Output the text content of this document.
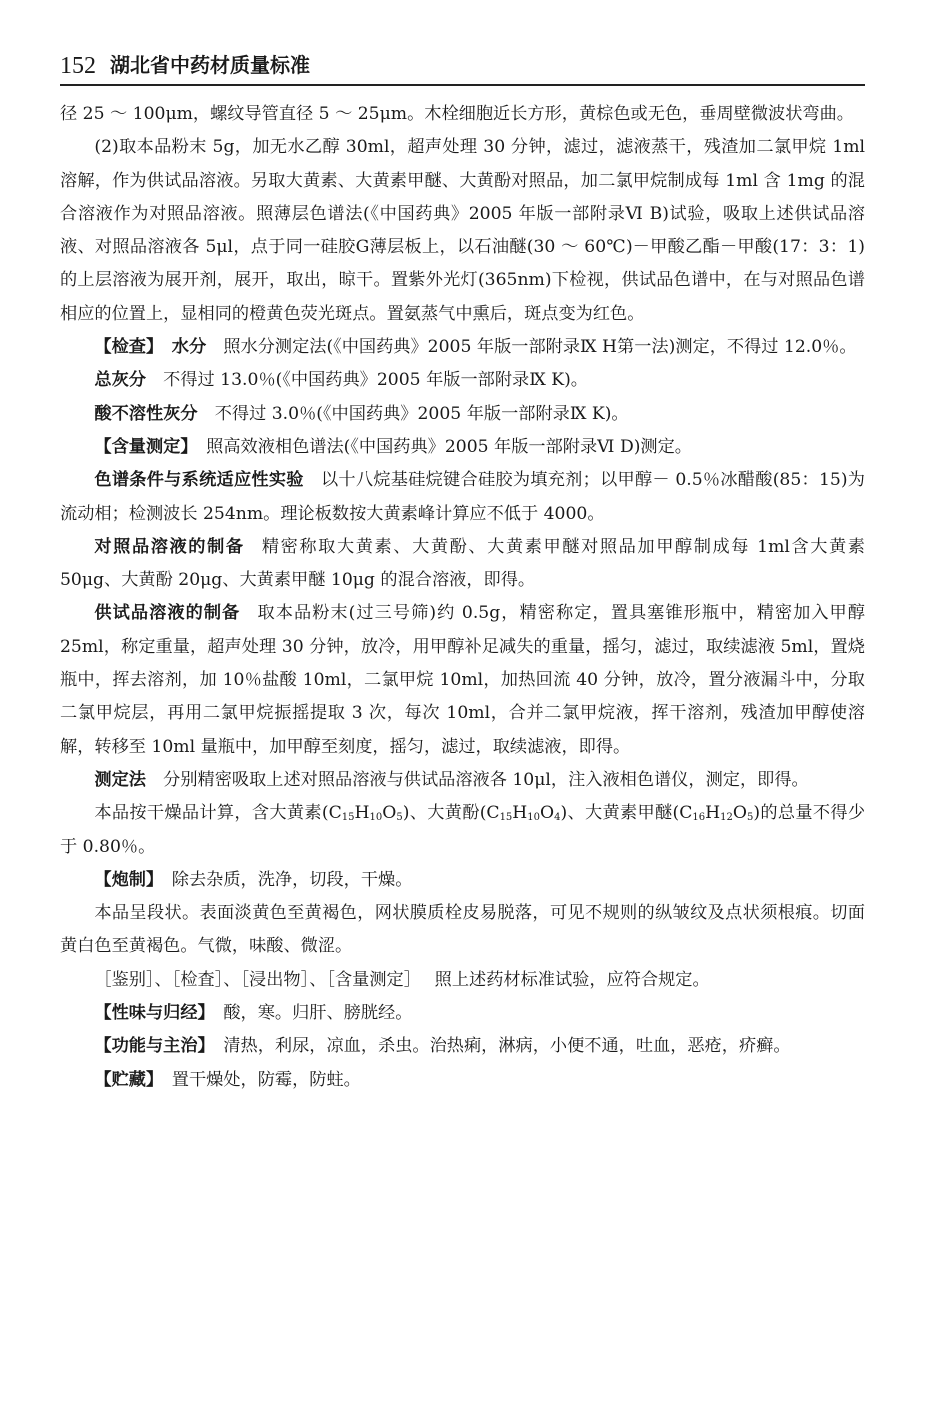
152 湖北省中药材质量标准

径 25 ～ 100μm，螺纹导管直径 5 ～ 25μm。木栓细胞近长方形，黄棕色或无色，垂周壁微波状弯曲。

(2)取本品粉末 5g，加无水乙醇 30ml，超声处理 30 分钟，滤过，滤液蒸干，残渣加二氯甲烷 1ml 溶解，作为供试品溶液。另取大黄素、大黄素甲醚、大黄酚对照品，加二氯甲烷制成每 1ml 含 1mg 的混合溶液作为对照品溶液。照薄层色谱法(《中国药典》2005 年版一部附录Ⅵ B)试验，吸取上述供试品溶液、对照品溶液各 5μl，点于同一硅胶G薄层板上，以石油醚(30 ～ 60℃)－甲酸乙酯－甲酸(17：3：1)的上层溶液为展开剂，展开，取出，晾干。置紫外光灯(365nm)下检视，供试品色谱中，在与对照品色谱相应的位置上，显相同的橙黄色荧光斑点。置氨蒸气中熏后，斑点变为红色。

【检查】 水分 照水分测定法(《中国药典》2005 年版一部附录Ⅸ H第一法)测定，不得过 12.0％。

总灰分 不得过 13.0％(《中国药典》2005 年版一部附录Ⅸ K)。

酸不溶性灰分 不得过 3.0％(《中国药典》2005 年版一部附录Ⅸ K)。

【含量测定】 照高效液相色谱法(《中国药典》2005 年版一部附录Ⅵ D)测定。

色谱条件与系统适应性实验 以十八烷基硅烷键合硅胶为填充剂；以甲醇－ 0.5％冰醋酸(85：15)为流动相；检测波长 254nm。理论板数按大黄素峰计算应不低于 4000。

对照品溶液的制备 精密称取大黄素、大黄酚、大黄素甲醚对照品加甲醇制成每 1ml含大黄素 50μg、大黄酚 20μg、大黄素甲醚 10μg 的混合溶液，即得。

供试品溶液的制备 取本品粉末(过三号筛)约 0.5g，精密称定，置具塞锥形瓶中，精密加入甲醇 25ml，称定重量，超声处理 30 分钟，放冷，用甲醇补足减失的重量，摇匀，滤过，取续滤液 5ml，置烧瓶中，挥去溶剂，加 10％盐酸 10ml，二氯甲烷 10ml，加热回流 40 分钟，放冷，置分液漏斗中，分取二氯甲烷层，再用二氯甲烷振摇提取 3 次，每次 10ml，合并二氯甲烷液，挥干溶剂，残渣加甲醇使溶解，转移至 10ml 量瓶中，加甲醇至刻度，摇匀，滤过，取续滤液，即得。

测定法 分别精密吸取上述对照品溶液与供试品溶液各 10μl，注入液相色谱仪，测定，即得。

本品按干燥品计算，含大黄素$(C_{15}H_{10}O_5)$、大黄酚$(C_{15}H_{10}O_4)$、大黄素甲醚$(C_{16}H_{12}O_5)$的总量不得少于 0.80％。

【炮制】 除去杂质，洗净，切段，干燥。

本品呈段状。表面淡黄色至黄褐色，网状膜质栓皮易脱落，可见不规则的纵皱纹及点状须根痕。切面黄白色至黄褐色。气微，味酸、微涩。

［鉴别］、［检査］、［浸出物］、［含量测定］ 照上述药材标准试验，应符合规定。

【性味与归经】 酸，寒。归肝、膀胱经。

【功能与主治】 清热，利尿，凉血，杀虫。治热痢，淋病，小便不通，吐血，恶疮，疥癣。

【贮藏】 置干燥处，防霉，防蛀。
